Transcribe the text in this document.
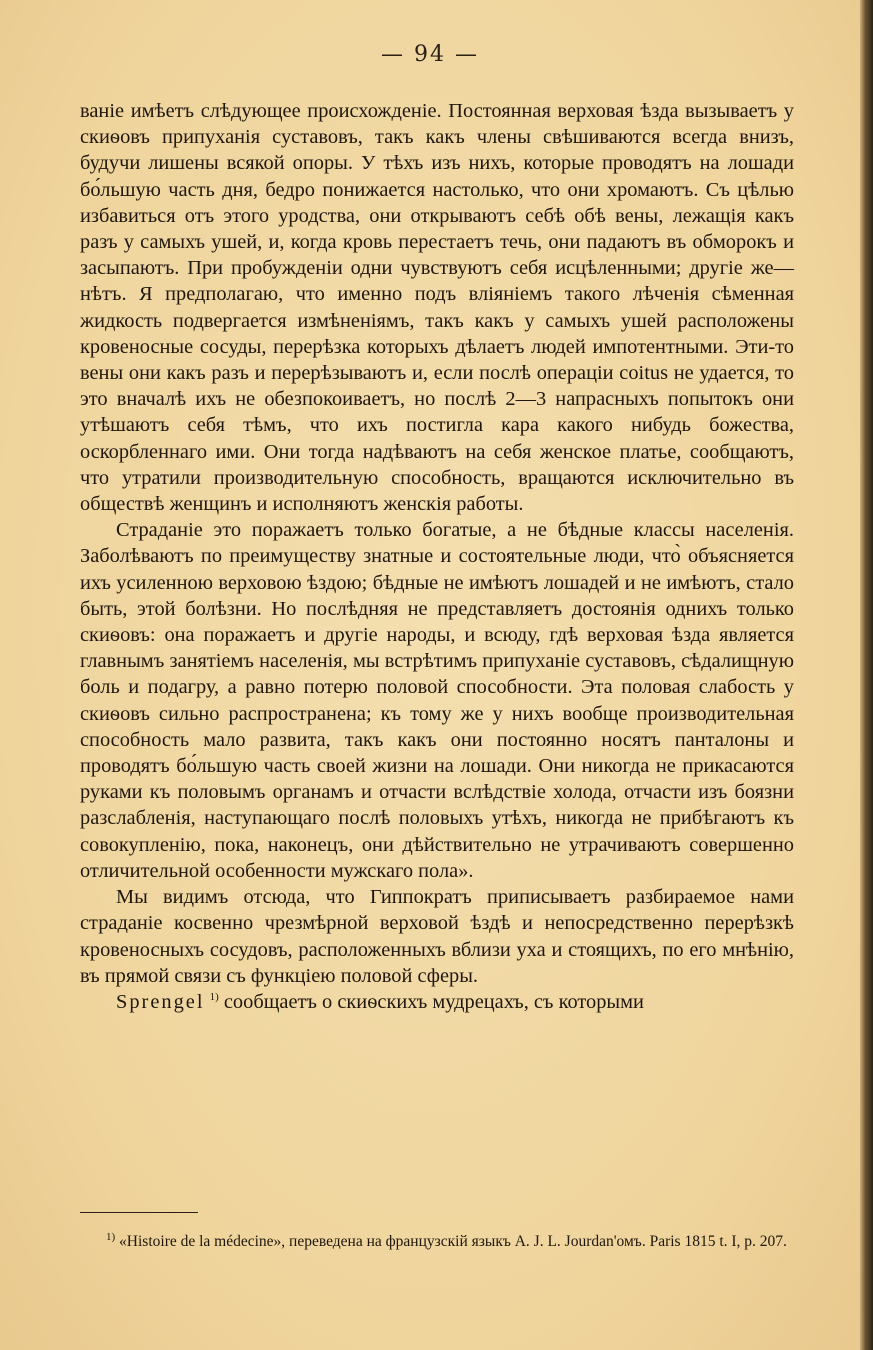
— 94 —

ваніе имѣетъ слѣдующее происхожденіе. Постоянная верховая ѣзда вызываетъ у скиѳовъ припуханія суставовъ, такъ какъ члены свѣшиваются всегда внизъ, будучи лишены всякой опоры. У тѣхъ изъ нихъ, которые проводятъ на лошади бо́льшую часть дня, бедро понижается настолько, что они хромаютъ. Съ цѣлью избавиться отъ этого уродства, они открываютъ себѣ обѣ вены, лежащія какъ разъ у самыхъ ушей, и, когда кровь перестаетъ течь, они падаютъ въ обморокъ и засыпаютъ. При пробужденіи одни чувствуютъ себя исцѣленными; другіе же—нѣтъ. Я предполагаю, что именно подъ вліяніемъ такого лѣченія сѣменная жидкость подвергается измѣненіямъ, такъ какъ у самыхъ ушей расположены кровеносные сосуды, перерѣзка которыхъ дѣлаетъ людей импотентными. Эти-то вены они какъ разъ и перерѣзываютъ и, если послѣ операціи coitus не удается, то это вначалѣ ихъ не обезпокоиваетъ, но послѣ 2—3 напрасныхъ попытокъ они утѣшаютъ себя тѣмъ, что ихъ постигла кара какого нибудь божества, оскорбленнаго ими. Они тогда надѣваютъ на себя женское платье, сообщаютъ, что утратили производительную способность, вращаются исключительно въ обществѣ женщинъ и исполняютъ женскія работы.

Страданіе это поражаетъ только богатые, а не бѣдные классы населенія. Заболѣваютъ по преимуществу знатные и состоятельные люди, что̀ объясняется ихъ усиленною верховою ѣздою; бѣдные не имѣютъ лошадей и не имѣютъ, стало быть, этой болѣзни. Но послѣдняя не представляетъ достоянія однихъ только скиѳовъ: она поражаетъ и другіе народы, и всюду, гдѣ верховая ѣзда является главнымъ занятіемъ населенія, мы встрѣтимъ припуханіе суставовъ, сѣдалищную боль и подагру, а равно потерю половой способности. Эта половая слабость у скиѳовъ сильно распространена; къ тому же у нихъ вообще производительная способность мало развита, такъ какъ они постоянно носятъ панталоны и проводятъ бо́льшую часть своей жизни на лошади. Они никогда не прикасаются руками къ половымъ органамъ и отчасти вслѣдствіе холода, отчасти изъ боязни разслабленія, наступающаго послѣ половыхъ утѣхъ, никогда не прибѣгаютъ къ совокупленію, пока, наконецъ, они дѣйствительно не утрачиваютъ совершенно отличительной особенности мужскаго пола».

Мы видимъ отсюда, что Гиппократъ приписываетъ разбираемое нами страданіе косвенно чрезмѣрной верховой ѣздѣ и непосредственно перерѣзкѣ кровеносныхъ сосудовъ, расположенныхъ вблизи уха и стоящихъ, по его мнѣнію, въ прямой связи съ функціею половой сферы.

Sprengel $^{1)}$ сообщаетъ о скиѳскихъ мудрецахъ, съ которыми

$^{1)}$ «Histoire de la médecine», переведена на французскій языкъ A. J. L. Jourdan'омъ. Paris 1815 t. I, p. 207.
